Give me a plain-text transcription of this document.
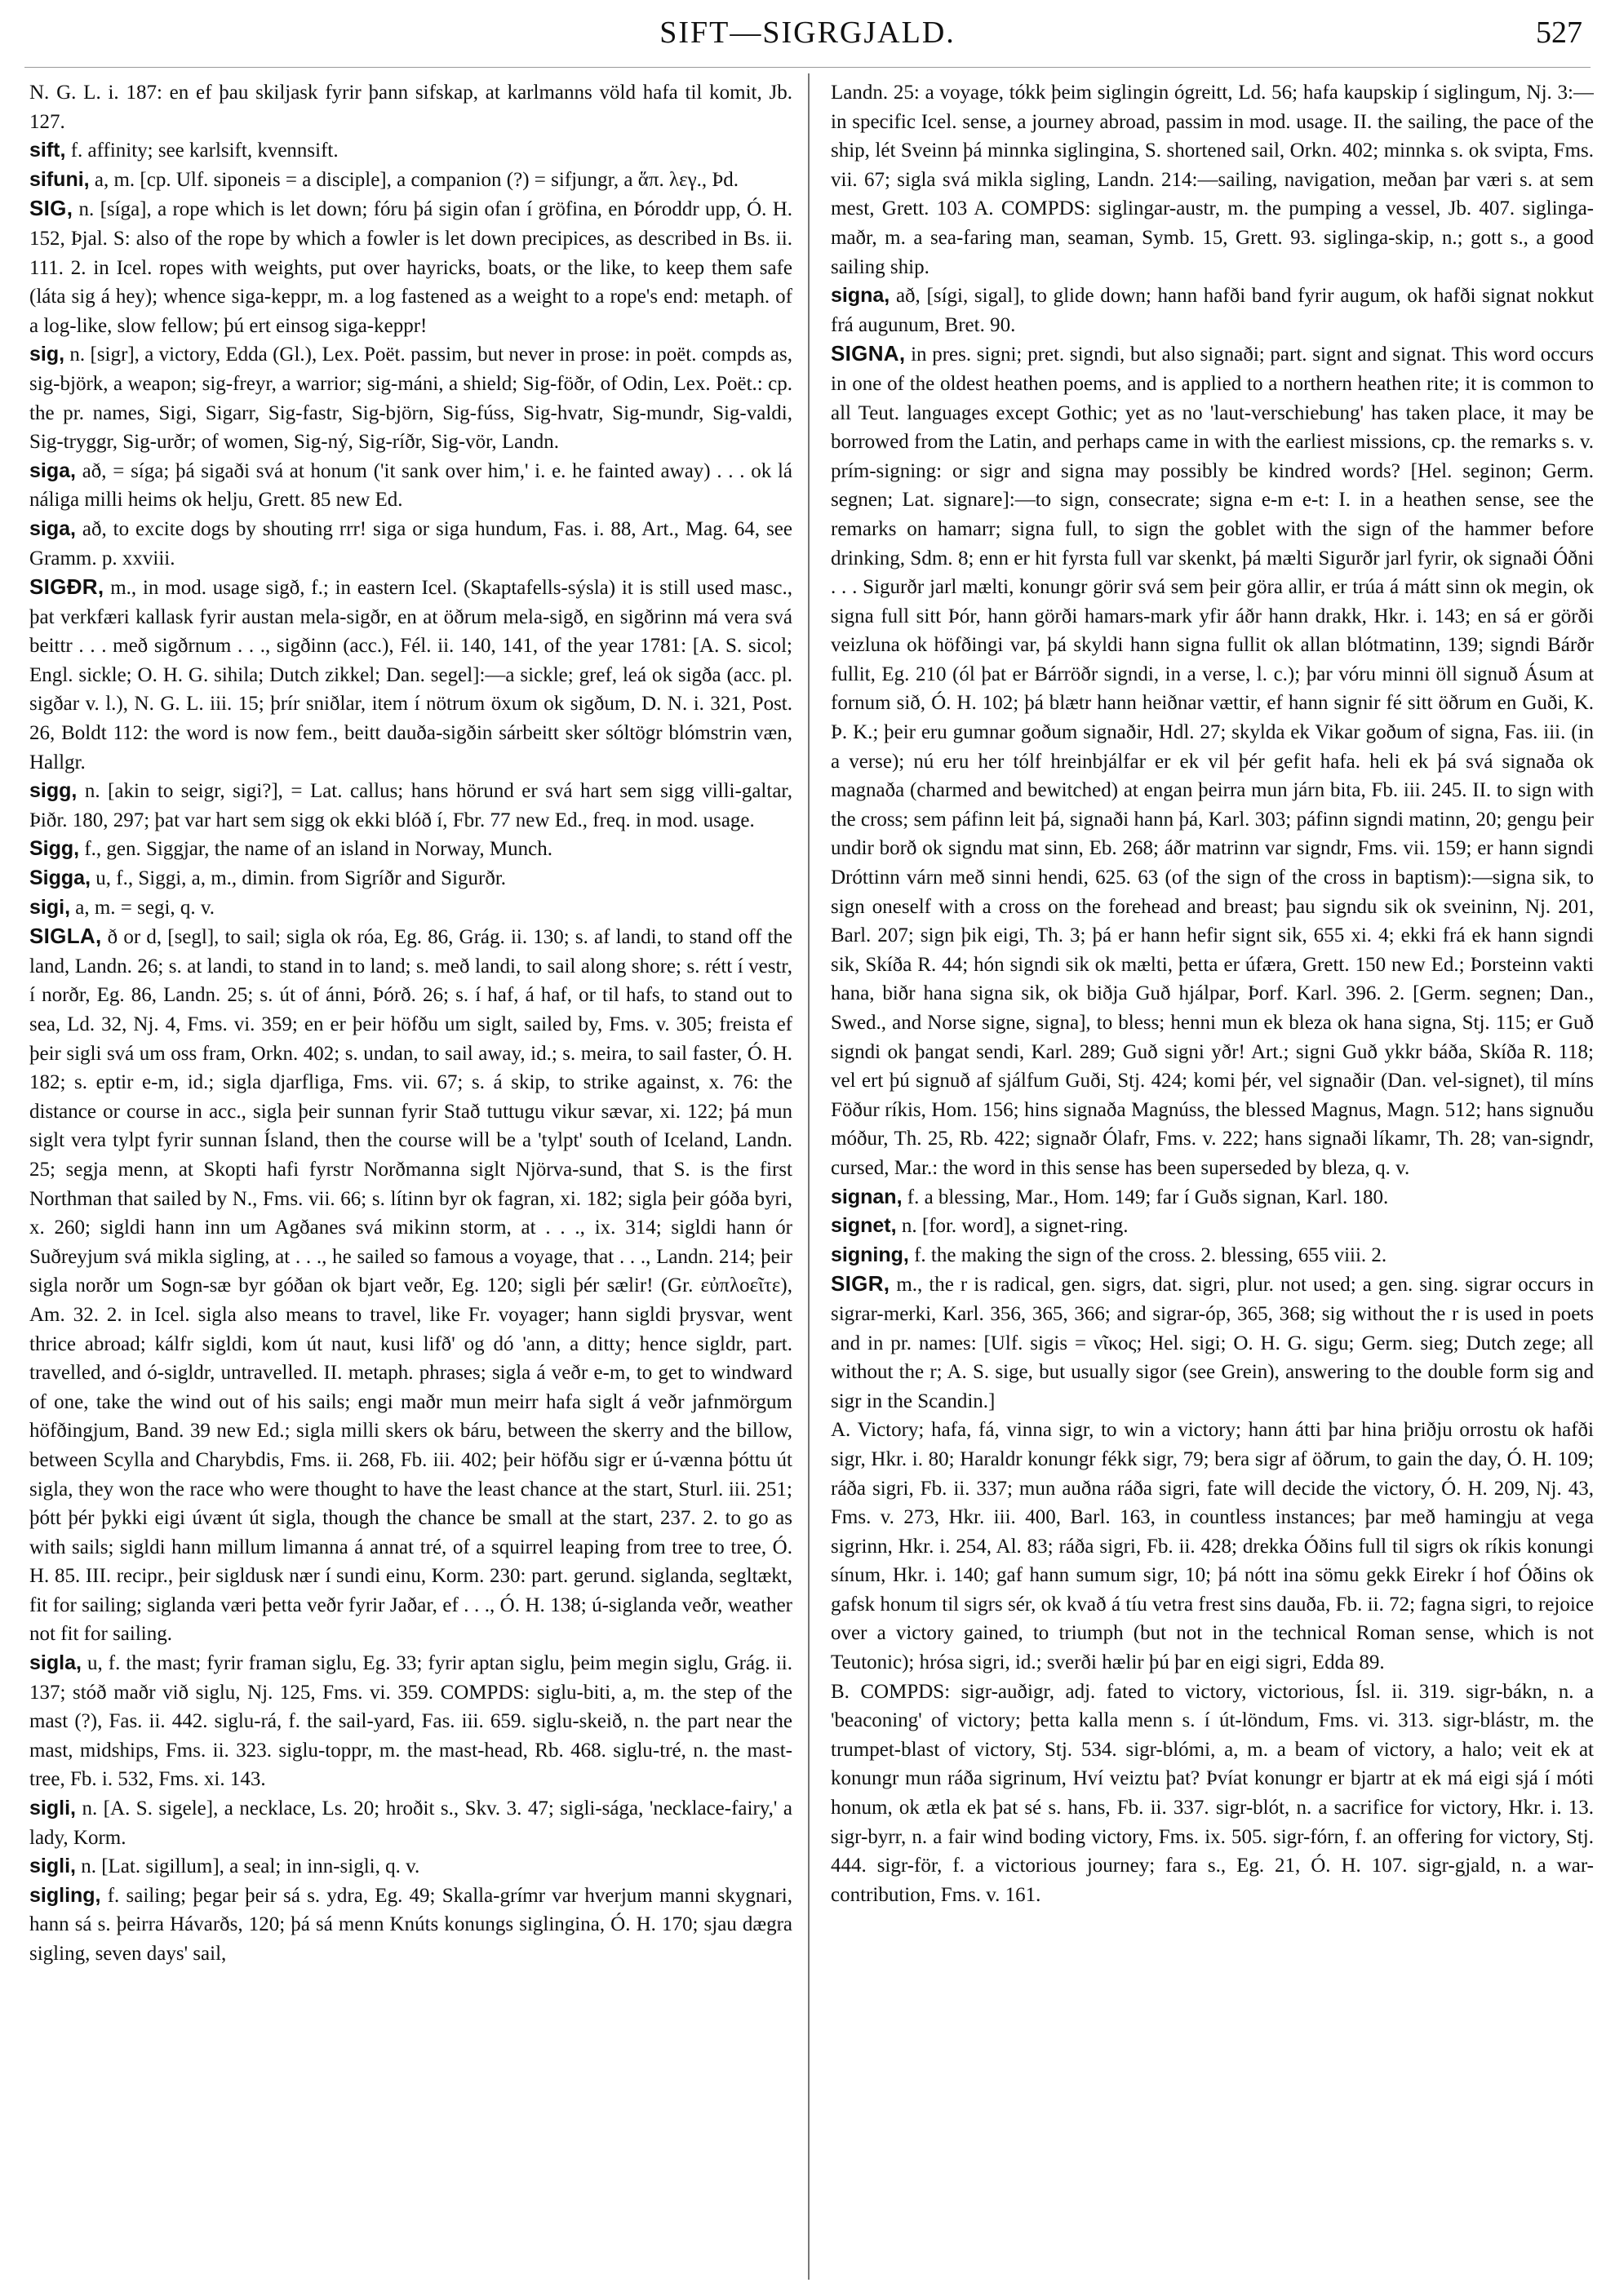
SIFT—SIGRGJALD.	527

N. G. L. i. 187: en ef þau skiljask fyrir þann sifskap, at karlmanns völd hafa til komit, Jb. 127.

sift, f. affinity; see karlsift, kvennsift.

sifuni, a, m. [cp. Ulf. siponeis = a disciple], a companion (?) = sifjungr, a ἅπ. λεγ., Þd.

SIG, n. [síga], a rope which is let down; fóru þá sigin ofan í gröfina, en Þóroddr upp, Ó. H. 152, Þjal. S: also of the rope by which a fowler is let down precipices, as described in Bs. ii. 111. 2. in Icel. ropes with weights, put over hayricks, boats, or the like, to keep them safe (láta sig á hey); whence siga-keppr, m. a log fastened as a weight to a rope's end: metaph. of a log-like, slow fellow; þú ert einsog siga-keppr!

sig, n. [sigr], a victory, Edda (Gl.), Lex. Poët. passim, but never in prose: in poët. compds as, sig-björk, a weapon; sig-freyr, a warrior; sig-máni, a shield; Sig-föðr, of Odin, Lex. Poët.: cp. the pr. names, Sigi, Sigarr, Sig-fastr, Sig-björn, Sig-fúss, Sig-hvatr, Sig-mundr, Sig-valdi, Sig-tryggr, Sig-urðr; of women, Sig-ný, Sig-ríðr, Sig-vör, Landn.

siga, að, = síga; þá sigaði svá at honum ('it sank over him,' i. e. he fainted away) . . . ok lá náliga milli heims ok helju, Grett. 85 new Ed.

siga, að, to excite dogs by shouting rrr! siga or siga hundum, Fas. i. 88, Art., Mag. 64, see Gramm. p. xxviii.

SIGÐR, m., in mod. usage sigð, f.; in eastern Icel. (Skaptafells-sýsla) it is still used masc., þat verkfæri kallask fyrir austan mela-sigðr, en at öðrum mela-sigð, en sigðrinn má vera svá beittr . . . með sigðrnum . . ., sigðinn (acc.), Fél. ii. 140, 141, of the year 1781: [A. S. sicol; Engl. sickle; O. H. G. sihila; Dutch zikkel; Dan. segel]:—a sickle; gref, leá ok sigða (acc. pl. sigðar v. l.), N. G. L. iii. 15; þrír sniðlar, item í nötrum öxum ok sigðum, D. N. i. 321, Post. 26, Boldt 112: the word is now fem., beitt dauða-sigðin sárbeitt sker sóltögr blómstrin væn, Hallgr.

sigg, n. [akin to seigr, sigi?], = Lat. callus; hans hörund er svá hart sem sigg villi-galtar, Þiðr. 180, 297; þat var hart sem sigg ok ekki blóð í, Fbr. 77 new Ed., freq. in mod. usage.

Sigg, f., gen. Siggjar, the name of an island in Norway, Munch.

Sigga, u, f., Siggi, a, m., dimin. from Sigríðr and Sigurðr.

sigi, a, m. = segi, q. v.

SIGLA, ð or d, [segl], to sail; sigla ok róa, Eg. 86, Grág. ii. 130; s. af landi, to stand off the land, Landn. 26; s. at landi, to stand in to land; s. með landi, to sail along shore; s. rétt í vestr, í norðr, Eg. 86, Landn. 25; s. út of ánni, Þórð. 26; s. í haf, á haf, or til hafs, to stand out to sea, Ld. 32, Nj. 4, Fms. vi. 359; en er þeir höfðu um siglt, sailed by, Fms. v. 305; freista ef þeir sigli svá um oss fram, Orkn. 402; s. undan, to sail away, id.; s. meira, to sail faster, Ó. H. 182; s. eptir e-m, id.; sigla djarfliga, Fms. vii. 67; s. á skip, to strike against, x. 76: the distance or course in acc., sigla þeir sunnan fyrir Stað tuttugu vikur sævar, xi. 122; þá mun siglt vera tylpt fyrir sunnan Ísland, then the course will be a 'tylpt' south of Iceland, Landn. 25; segja menn, at Skopti hafi fyrstr Norðmanna siglt Njörva-sund, that S. is the first Northman that sailed by N., Fms. vii. 66; s. lítinn byr ok fagran, xi. 182; sigla þeir góða byri, x. 260; sigldi hann inn um Agðanes svá mikinn storm, at . . ., ix. 314; sigldi hann ór Suðreyjum svá mikla sigling, at . . ., he sailed so famous a voyage, that . . ., Landn. 214; þeir sigla norðr um Sogn-sæ byr góðan ok bjart veðr, Eg. 120; sigli þér sælir! (Gr. εὐπλοεῖτε), Am. 32. 2. in Icel. sigla also means to travel, like Fr. voyager; hann sigldi þrysvar, went thrice abroad; kálfr sigldi, kom út naut, kusi lifð' og dó 'ann, a ditty; hence sigldr, part. travelled, and ó-sigldr, untravelled. II. metaph. phrases; sigla á veðr e-m, to get to windward of one, take the wind out of his sails; engi maðr mun meirr hafa siglt á veðr jafnmörgum höfðingjum, Band. 39 new Ed.; sigla milli skers ok báru, between the skerry and the billow, between Scylla and Charybdis, Fms. ii. 268, Fb. iii. 402; þeir höfðu sigr er ú-vænna þóttu út sigla, they won the race who were thought to have the least chance at the start, Sturl. iii. 251; þótt þér þykki eigi úvænt út sigla, though the chance be small at the start, 237. 2. to go as with sails; sigldi hann millum limanna á annat tré, of a squirrel leaping from tree to tree, Ó. H. 85. III. recipr., þeir sigldusk nær í sundi einu, Korm. 230: part. gerund. siglanda, segltækt, fit for sailing; siglanda væri þetta veðr fyrir Jaðar, ef . . ., Ó. H. 138; ú-siglanda veðr, weather not fit for sailing.

sigla, u, f. the mast; fyrir framan siglu, Eg. 33; fyrir aptan siglu, þeim megin siglu, Grág. ii. 137; stóð maðr við siglu, Nj. 125, Fms. vi. 359. COMPDS: siglu-biti, a, m. the step of the mast (?), Fas. ii. 442. siglu-rá, f. the sail-yard, Fas. iii. 659. siglu-skeið, n. the part near the mast, midships, Fms. ii. 323. siglu-toppr, m. the mast-head, Rb. 468. siglu-tré, n. the mast-tree, Fb. i. 532, Fms. xi. 143.

sigli, n. [A. S. sigele], a necklace, Ls. 20; hroðit s., Skv. 3. 47; sigli-sága, 'necklace-fairy,' a lady, Korm.

sigli, n. [Lat. sigillum], a seal; in inn-sigli, q. v.

sigling, f. sailing; þegar þeir sá s. ydra, Eg. 49; Skalla-grímr var hverjum manni skygnari, hann sá s. þeirra Hávarðs, 120; þá sá menn Knúts konungs siglingina, Ó. H. 170; sjau dægra sigling, seven days' sail,

Landn. 25: a voyage, tókk þeim siglingin ógreitt, Ld. 56; hafa kaupskip í siglingum, Nj. 3:—in specific Icel. sense, a journey abroad, passim in mod. usage. II. the sailing, the pace of the ship, lét Sveinn þá minnka siglingina, S. shortened sail, Orkn. 402; minnka s. ok svipta, Fms. vii. 67; sigla svá mikla sigling, Landn. 214:—sailing, navigation, meðan þar væri s. at sem mest, Grett. 103 A. COMPDS: siglingar-austr, m. the pumping a vessel, Jb. 407. siglinga-maðr, m. a sea-faring man, seaman, Symb. 15, Grett. 93. siglinga-skip, n.; gott s., a good sailing ship.

signa, að, [sígi, sigal], to glide down; hann hafði band fyrir augum, ok hafði signat nokkut frá augunum, Bret. 90.

SIGNA, in pres. signi; pret. signdi, but also signaði; part. signt and signat. This word occurs in one of the oldest heathen poems, and is applied to a northern heathen rite; it is common to all Teut. languages except Gothic; yet as no 'laut-verschiebung' has taken place, it may be borrowed from the Latin, and perhaps came in with the earliest missions, cp. the remarks s. v. prím-signing: or sigr and signa may possibly be kindred words? [Hel. seginon; Germ. segnen; Lat. signare]:—to sign, consecrate; signa e-m e-t: I. in a heathen sense, see the remarks on hamarr; signa full, to sign the goblet with the sign of the hammer before drinking, Sdm. 8; enn er hit fyrsta full var skenkt, þá mælti Sigurðr jarl fyrir, ok signaði Óðni . . . Sigurðr jarl mælti, konungr görir svá sem þeir göra allir, er trúa á mátt sinn ok megin, ok signa full sitt Þór, hann görði hamars-mark yfir áðr hann drakk, Hkr. i. 143; en sá er görði veizluna ok höfðingi var, þá skyldi hann signa fullit ok allan blótmatinn, 139; signdi Bárðr fullit, Eg. 210 (ól þat er Bárröðr signdi, in a verse, l. c.); þar vóru minni öll signuð Ásum at fornum sið, Ó. H. 102; þá blætr hann heiðnar vættir, ef hann signir fé sitt öðrum en Guði, K. Þ. K.; þeir eru gumnar goðum signaðir, Hdl. 27; skylda ek Vikar goðum of signa, Fas. iii. (in a verse); nú eru her tólf hreinbjálfar er ek vil þér gefit hafa. heli ek þá svá signaða ok magnaða (charmed and bewitched) at engan þeirra mun járn bita, Fb. iii. 245. II. to sign with the cross; sem páfinn leit þá, signaði hann þá, Karl. 303; páfinn signdi matinn, 20; gengu þeir undir borð ok signdu mat sinn, Eb. 268; áðr matrinn var signdr, Fms. vii. 159; er hann signdi Dróttinn várn með sinni hendi, 625. 63 (of the sign of the cross in baptism):—signa sik, to sign oneself with a cross on the forehead and breast; þau signdu sik ok sveininn, Nj. 201, Barl. 207; sign þik eigi, Th. 3; þá er hann hefir signt sik, 655 xi. 4; ekki frá ek hann signdi sik, Skíða R. 44; hón signdi sik ok mælti, þetta er úfæra, Grett. 150 new Ed.; Þorsteinn vakti hana, biðr hana signa sik, ok biðja Guð hjálpar, Þorf. Karl. 396. 2. [Germ. segnen; Dan., Swed., and Norse signe, signa], to bless; henni mun ek bleza ok hana signa, Stj. 115; er Guð signdi ok þangat sendi, Karl. 289; Guð signi yðr! Art.; signi Guð ykkr báða, Skíða R. 118; vel ert þú signuð af sjálfum Guði, Stj. 424; komi þér, vel signaðir (Dan. vel-signet), til míns Föður ríkis, Hom. 156; hins signaða Magnúss, the blessed Magnus, Magn. 512; hans signuðu móður, Th. 25, Rb. 422; signaðr Ólafr, Fms. v. 222; hans signaði líkamr, Th. 28; van-signdr, cursed, Mar.: the word in this sense has been superseded by bleza, q. v.

signan, f. a blessing, Mar., Hom. 149; far í Guðs signan, Karl. 180.

signet, n. [for. word], a signet-ring.

signing, f. the making the sign of the cross. 2. blessing, 655 viii. 2.

SIGR, m., the r is radical, gen. sigrs, dat. sigri, plur. not used; a gen. sing. sigrar occurs in sigrar-merki, Karl. 356, 365, 366; and sigrar-óp, 365, 368; sig without the r is used in poets and in pr. names: [Ulf. sigis = νῖκος; Hel. sigi; O. H. G. sigu; Germ. sieg; Dutch zege; all without the r; A. S. sige, but usually sigor (see Grein), answering to the double form sig and sigr in the Scandin.]

A. Victory; hafa, fá, vinna sigr, to win a victory; hann átti þar hina þriðju orrostu ok hafði sigr, Hkr. i. 80; Haraldr konungr fékk sigr, 79; bera sigr af öðrum, to gain the day, Ó. H. 109; ráða sigri, Fb. ii. 337; mun auðna ráða sigri, fate will decide the victory, Ó. H. 209, Nj. 43, Fms. v. 273, Hkr. iii. 400, Barl. 163, in countless instances; þar með hamingju at vega sigrinn, Hkr. i. 254, Al. 83; ráða sigri, Fb. ii. 428; drekka Óðins full til sigrs ok ríkis konungi sínum, Hkr. i. 140; gaf hann sumum sigr, 10; þá nótt ina sömu gekk Eirekr í hof Óðins ok gafsk honum til sigrs sér, ok kvað á tíu vetra frest sins dauða, Fb. ii. 72; fagna sigri, to rejoice over a victory gained, to triumph (but not in the technical Roman sense, which is not Teutonic); hrósa sigri, id.; sverði hælir þú þar en eigi sigri, Edda 89.

B. COMPDS: sigr-auðigr, adj. fated to victory, victorious, Ísl. ii. 319. sigr-bákn, n. a 'beaconing' of victory; þetta kalla menn s. í út-löndum, Fms. vi. 313. sigr-blástr, m. the trumpet-blast of victory, Stj. 534. sigr-blómi, a, m. a beam of victory, a halo; veit ek at konungr mun ráða sigrinum, Hví veiztu þat? Þvíat konungr er bjartr at ek má eigi sjá í móti honum, ok ætla ek þat sé s. hans, Fb. ii. 337. sigr-blót, n. a sacrifice for victory, Hkr. i. 13. sigr-byrr, n. a fair wind boding victory, Fms. ix. 505. sigr-fórn, f. an offering for victory, Stj. 444. sigr-för, f. a victorious journey; fara s., Eg. 21, Ó. H. 107. sigr-gjald, n. a war-contribution, Fms. v. 161.
